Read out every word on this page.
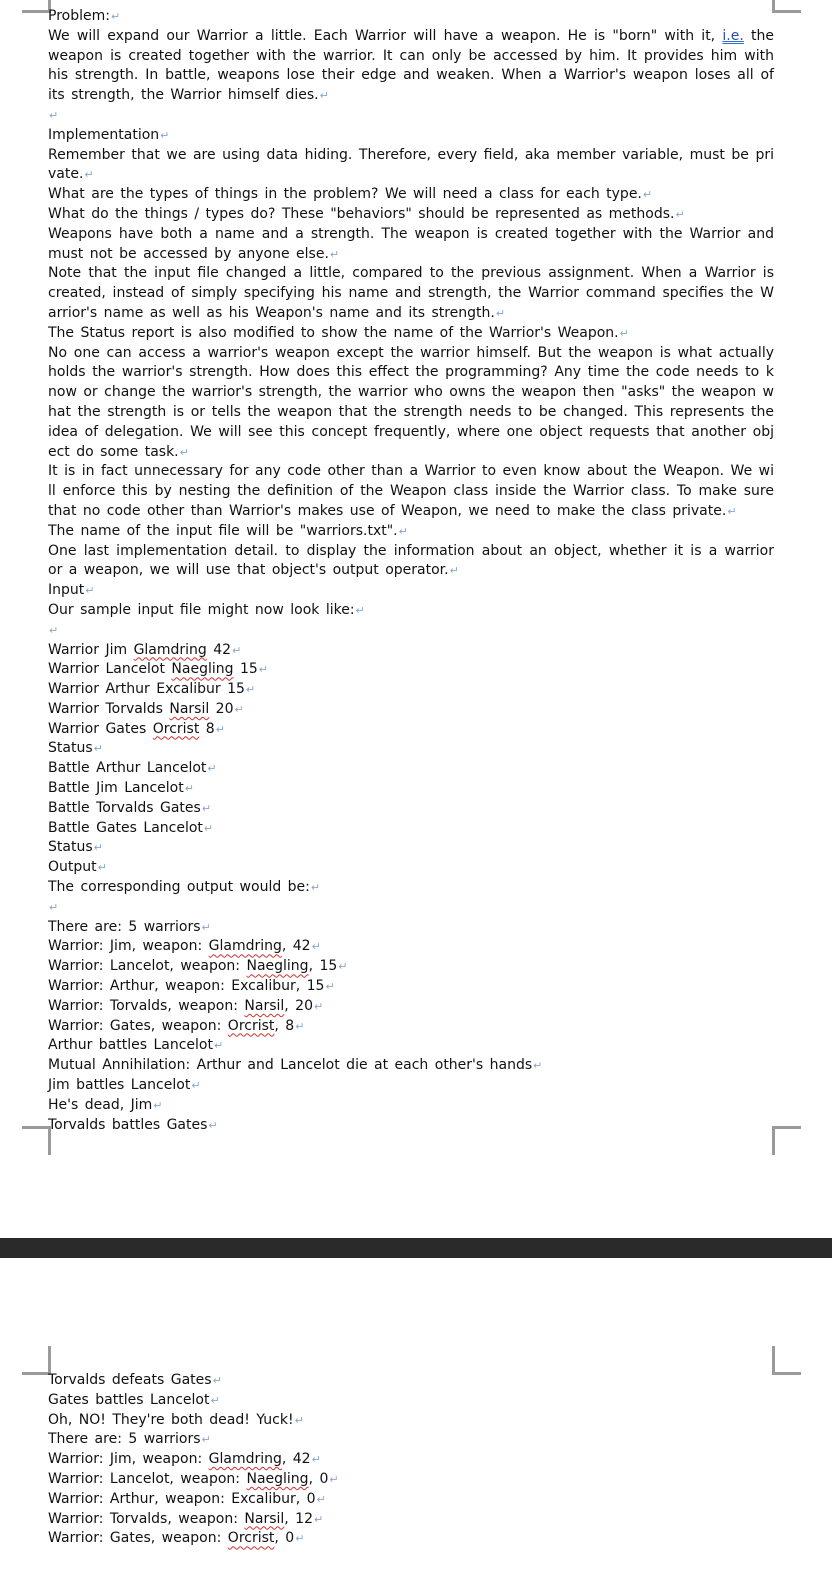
Problem:↵

We will expand our Warrior a little. Each Warrior will have a weapon. He is "born" with it, i.e. the weapon is created together with the warrior. It can only be accessed by him. It provides him with his strength. In battle, weapons lose their edge and weaken. When a Warrior's weapon loses all of its strength, the Warrior himself dies.↵

↵

Implementation↵

Remember that we are using data hiding. Therefore, every field, aka member variable, must be private.↵

What are the types of things in the problem? We will need a class for each type.↵

What do the things / types do? These "behaviors" should be represented as methods.↵

Weapons have both a name and a strength. The weapon is created together with the Warrior and must not be accessed by anyone else.↵

Note that the input file changed a little, compared to the previous assignment. When a Warrior is created, instead of simply specifying his name and strength, the Warrior command specifies the Warrior's name as well as his Weapon's name and its strength.↵

The Status report is also modified to show the name of the Warrior's Weapon.↵

No one can access a warrior's weapon except the warrior himself. But the weapon is what actually holds the warrior's strength. How does this effect the programming? Any time the code needs to know or change the warrior's strength, the warrior who owns the weapon then "asks" the weapon what the strength is or tells the weapon that the strength needs to be changed. This represents the idea of delegation. We will see this concept frequently, where one object requests that another object do some task.↵

It is in fact unnecessary for any code other than a Warrior to even know about the Weapon. We will enforce this by nesting the definition of the Weapon class inside the Warrior class. To make sure that no code other than Warrior's makes use of Weapon, we need to make the class private.↵

The name of the input file will be "warriors.txt".↵

One last implementation detail. to display the information about an object, whether it is a warrior or a weapon, we will use that object's output operator.↵

Input↵

Our sample input file might now look like:↵

↵

Warrior Jim Glamdring 42↵

Warrior Lancelot Naegling 15↵

Warrior Arthur Excalibur 15↵

Warrior Torvalds Narsil 20↵

Warrior Gates Orcrist 8↵

Status↵

Battle Arthur Lancelot↵

Battle Jim Lancelot↵

Battle Torvalds Gates↵

Battle Gates Lancelot↵

Status↵

Output↵

The corresponding output would be:↵

↵

There are: 5 warriors↵

Warrior: Jim, weapon: Glamdring, 42↵

Warrior: Lancelot, weapon: Naegling, 15↵

Warrior: Arthur, weapon: Excalibur, 15↵

Warrior: Torvalds, weapon: Narsil, 20↵

Warrior: Gates, weapon: Orcrist, 8↵

Arthur battles Lancelot↵

Mutual Annihilation: Arthur and Lancelot die at each other's hands↵

Jim battles Lancelot↵

He's dead, Jim↵

Torvalds battles Gates↵

Torvalds defeats Gates↵

Gates battles Lancelot↵

Oh, NO! They're both dead! Yuck!↵

There are: 5 warriors↵

Warrior: Jim, weapon: Glamdring, 42↵

Warrior: Lancelot, weapon: Naegling, 0↵

Warrior: Arthur, weapon: Excalibur, 0↵

Warrior: Torvalds, weapon: Narsil, 12↵

Warrior: Gates, weapon: Orcrist, 0↵
